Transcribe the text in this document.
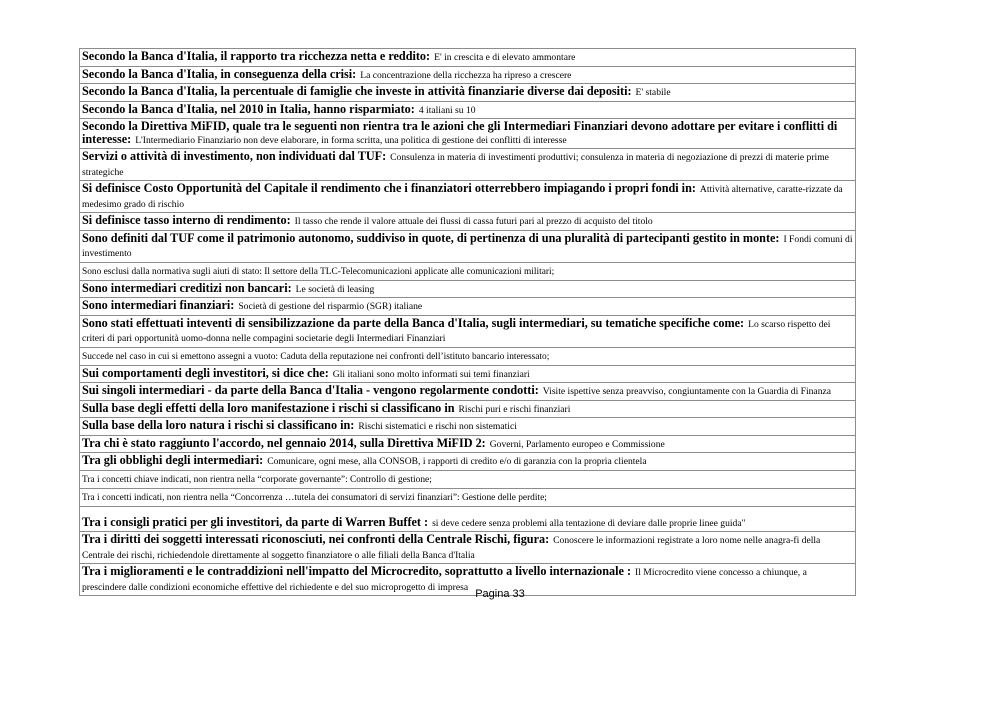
Secondo la Banca d'Italia, il rapporto tra ricchezza netta e reddito: E' in crescita e di elevato ammontare
Secondo la Banca d'Italia, in conseguenza della crisi: La concentrazione della ricchezza ha ripreso a crescere
Secondo la Banca d'Italia, la percentuale di famiglie che investe in attività finanziarie diverse dai depositi: E' stabile
Secondo la Banca d'Italia, nel 2010 in Italia, hanno risparmiato: 4 italiani su 10
Secondo la Direttiva MiFID, quale tra le seguenti non rientra tra le azioni che gli Intermediari Finanziari devono adottare per evitare i conflitti di interesse: L'Intermediario Finanziario non deve elaborare, in forma scritta, una politica di gestione dei conflitti di interesse
Servizi o attività di investimento, non individuati dal TUF: Consulenza in materia di investimenti produttivi; consulenza in materia di negoziazione di prezzi di materie prime strategiche
Si definisce Costo Opportunità del Capitale il rendimento che i finanziatori otterrebbero impiagando i propri fondi in: Attività alternative, caratte-rizzate da medesimo grado di rischio
Si definisce tasso interno di rendimento: Il tasso che rende il valore attuale dei flussi di cassa futuri pari al prezzo di acquisto del titolo
Sono definiti dal TUF come il patrimonio autonomo, suddiviso in quote, di pertinenza di una pluralità di partecipanti gestito in monte: I Fondi comuni di investimento
Sono esclusi dalla normativa sugli aiuti di stato: Il settore della TLC-Telecomunicazioni applicate alle comunicazioni militari;
Sono intermediari creditizi non bancari: Le società di leasing
Sono intermediari finanziari: Società di gestione del risparmio (SGR) italiane
Sono stati effettuati inteventi di sensibilizzazione da parte della Banca d'Italia, sugli intermediari, su tematiche specifiche come: Lo scarso rispetto dei criteri di pari opportunità uomo-donna nelle compagini societarie degli Intermediari Finanziari
Succede nel caso in cui si emettono assegni a vuoto: Caduta della reputazione nei confronti dell’istituto bancario interessato;
Sui comportamenti degli investitori, si dice che: Gli italiani sono molto informati sui temi finanziari
Sui singoli intermediari - da parte della Banca d'Italia - vengono regolarmente condotti: Visite ispettive senza preavviso, congiuntamente con la Guardia di Finanza
Sulla base degli effetti della loro manifestazione i rischi si classificano in Rischi puri e rischi finanziari
Sulla base della loro natura i rischi si classificano in: Rischi sistematici e rischi non sistematici
Tra chi è stato raggiunto l'accordo, nel gennaio 2014, sulla Direttiva MiFID 2: Governi, Parlamento europeo e Commissione
Tra gli obblighi degli intermediari: Comunicare, ogni mese, alla CONSOB, i rapporti di credito e/o di garanzia con la propria clientela
Tra i concetti chiave indicati, non rientra nella “corporate governante”: Controllo di gestione;
Tra i concetti indicati, non rientra nella “Concorrenza …tutela dei consumatori di servizi finanziari”: Gestione delle perdite;
Tra i consigli pratici per gli investitori, da parte di Warren Buffet : si deve cedere senza problemi alla tentazione di deviare dalle proprie linee guida"
Tra i diritti dei soggetti interessati riconosciuti, nei confronti della Centrale Rischi, figura: Conoscere le informazioni registrate a loro nome nelle anagra-fi della Centrale dei rischi, richiedendole direttamente al soggetto finanziatore o alle filiali della Banca d'Italia
Tra i miglioramenti e le contraddizioni nell'impatto del Microcredito, soprattutto a livello internazionale : Il Microcredito viene concesso a chiunque, a prescindere dalle condizioni economiche effettive del richiedente e del suo microprogetto di impresa
Pagina 33
